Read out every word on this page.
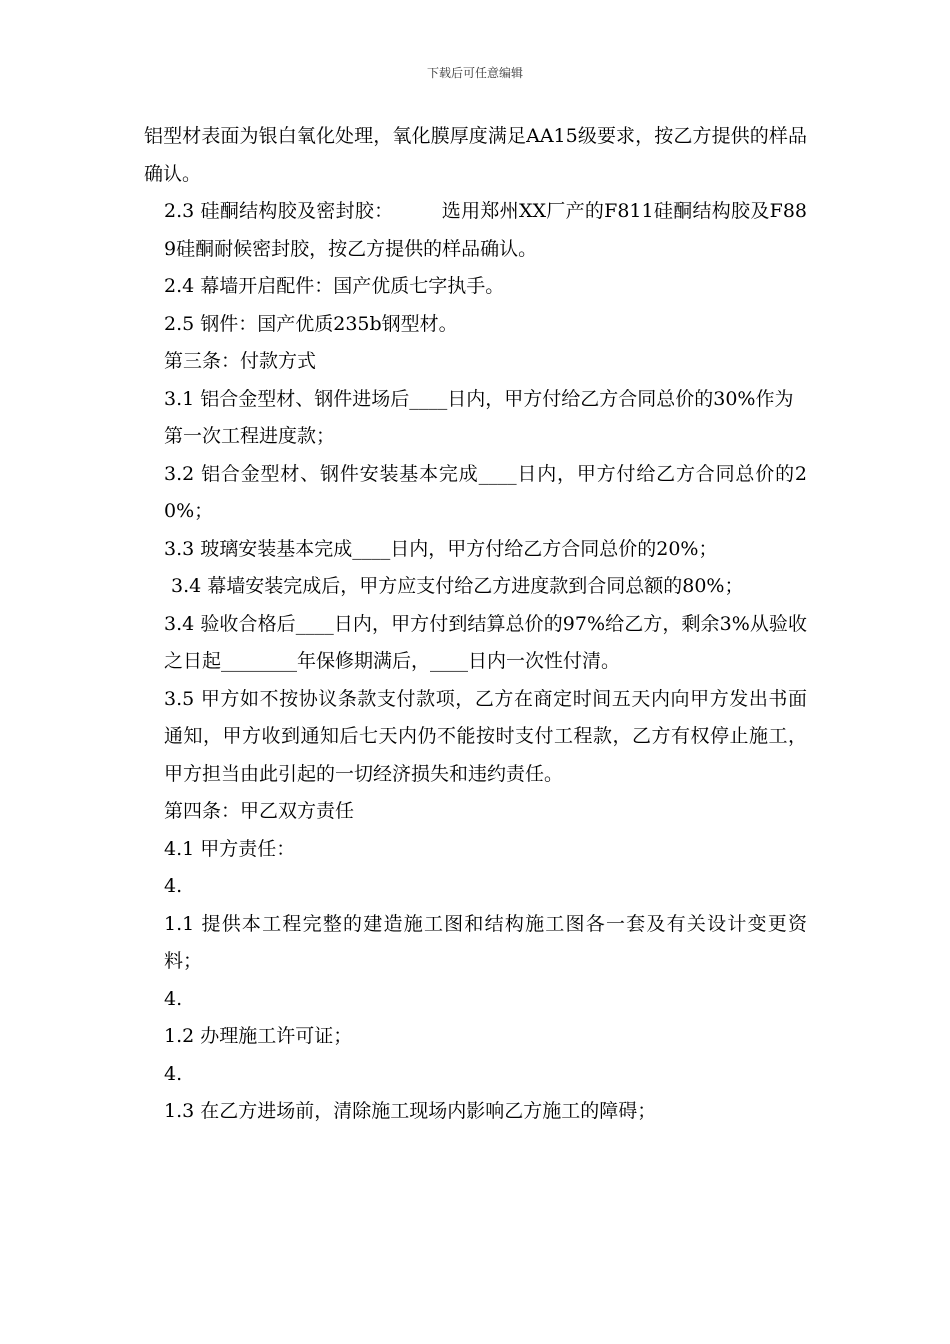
下载后可任意编辑

铝型材表面为银白氧化处理，氧化膜厚度满足AA15级要求，按乙方提供的样品确认。

2.3 硅酮结构胶及密封胶：　　　选用郑州XX厂产的F811硅酮结构胶及F889硅酮耐候密封胶，按乙方提供的样品确认。

2.4 幕墙开启配件：国产优质七字执手。

2.5 钢件：国产优质235b钢型材。

第三条：付款方式

3.1 铝合金型材、钢件进场后____日内，甲方付给乙方合同总价的30%作为

第一次工程进度款；

3.2 铝合金型材、钢件安装基本完成____日内，甲方付给乙方合同总价的20%；

3.3 玻璃安装基本完成____日内，甲方付给乙方合同总价的20%；

3.4 幕墙安装完成后，甲方应支付给乙方进度款到合同总额的80%；

3.4 验收合格后____日内，甲方付到结算总价的97%给乙方，剩余3%从验收之日起________年保修期满后，____日内一次性付清。

3.5 甲方如不按协议条款支付款项，乙方在商定时间五天内向甲方发出书面通知，甲方收到通知后七天内仍不能按时支付工程款，乙方有权停止施工，甲方担当由此引起的一切经济损失和违约责任。

第四条：甲乙双方责任

4.1 甲方责任：

4.

1.1 提供本工程完整的建造施工图和结构施工图各一套及有关设计变更资料；

4.

1.2 办理施工许可证；

4.

1.3 在乙方进场前，清除施工现场内影响乙方施工的障碍；
